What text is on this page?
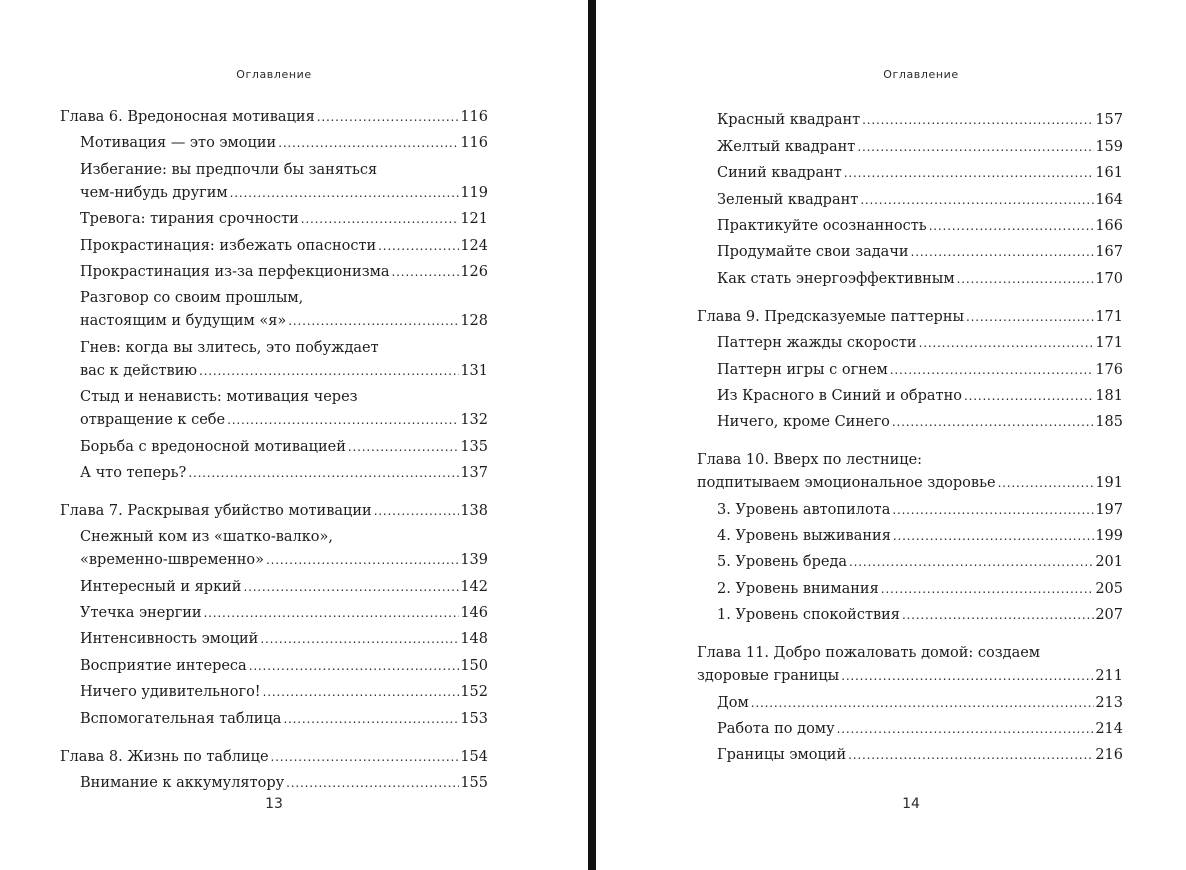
Оглавление
Глава 6. Вредоносная мотивация .....	116
Мотивация — это эмоции .....	116
Избегание: вы предпочли бы заняться
чем-нибудь другим .....	119
Тревога: тирания срочности .....	121
Прокрастинация: избежать опасности .....	124
Прокрастинация из-за перфекционизма .....	126
Разговор со своим прошлым,
настоящим и будущим «я» .....	128
Гнев: когда вы злитесь, это побуждает
вас к действию .....	131
Стыд и ненависть: мотивация через
отвращение к себе .....	132
Борьба с вредоносной мотивацией .....	135
А что теперь? .....	137
Глава 7. Раскрывая убийство мотивации .....	138
Снежный ком из «шатко-валко»,
«временно-швременно» .....	139
Интересный и яркий .....	142
Утечка энергии .....	146
Интенсивность эмоций .....	148
Восприятие интереса .....	150
Ничего удивительного! .....	152
Вспомогательная таблица .....	153
Глава 8. Жизнь по таблице .....	154
Внимание к аккумулятору .....	155
13
Оглавление
Красный квадрант .....	157
Желтый квадрант .....	159
Синий квадрант .....	161
Зеленый квадрант .....	164
Практикуйте осознанность .....	166
Продумайте свои задачи .....	167
Как стать энергоэффективным .....	170
Глава 9. Предсказуемые паттерны .....	171
Паттерн жажды скорости .....	171
Паттерн игры с огнем .....	176
Из Красного в Синий и обратно .....	181
Ничего, кроме Синего .....	185
Глава 10. Вверх по лестнице:
подпитываем эмоциональное здоровье .....	191
3. Уровень автопилота .....	197
4. Уровень выживания .....	199
5. Уровень бреда .....	201
2. Уровень внимания .....	205
1. Уровень спокойствия .....	207
Глава 11. Добро пожаловать домой: создаем
здоровые границы .....	211
Дом .....	213
Работа по дому .....	214
Границы эмоций .....	216
14
